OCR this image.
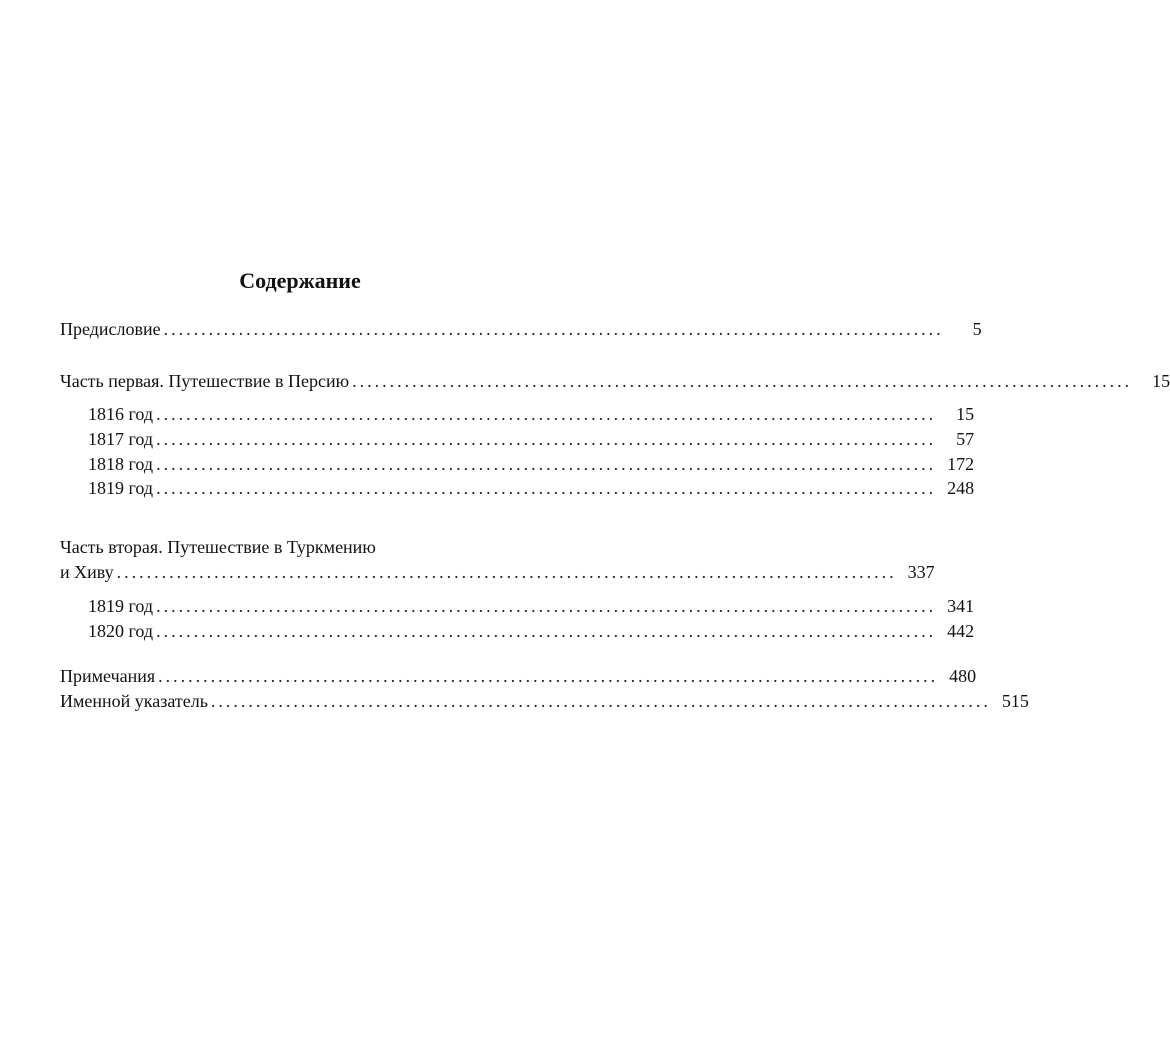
Содержание
Предисловие ........................................................................................................	5
Часть первая. Путешествие в Персию ........................................................................................................	15
1816 год ........................................................................................................	15
1817 год ........................................................................................................	57
1818 год ........................................................................................................ 172
1819 год ........................................................................................................ 248
Часть вторая. Путешествие в Туркмению
и Хиву ........................................................................................................ 337
1819 год ........................................................................................................ 341
1820 год ........................................................................................................ 442
Примечания ........................................................................................................ 480
Именной указатель ........................................................................................................ 515
